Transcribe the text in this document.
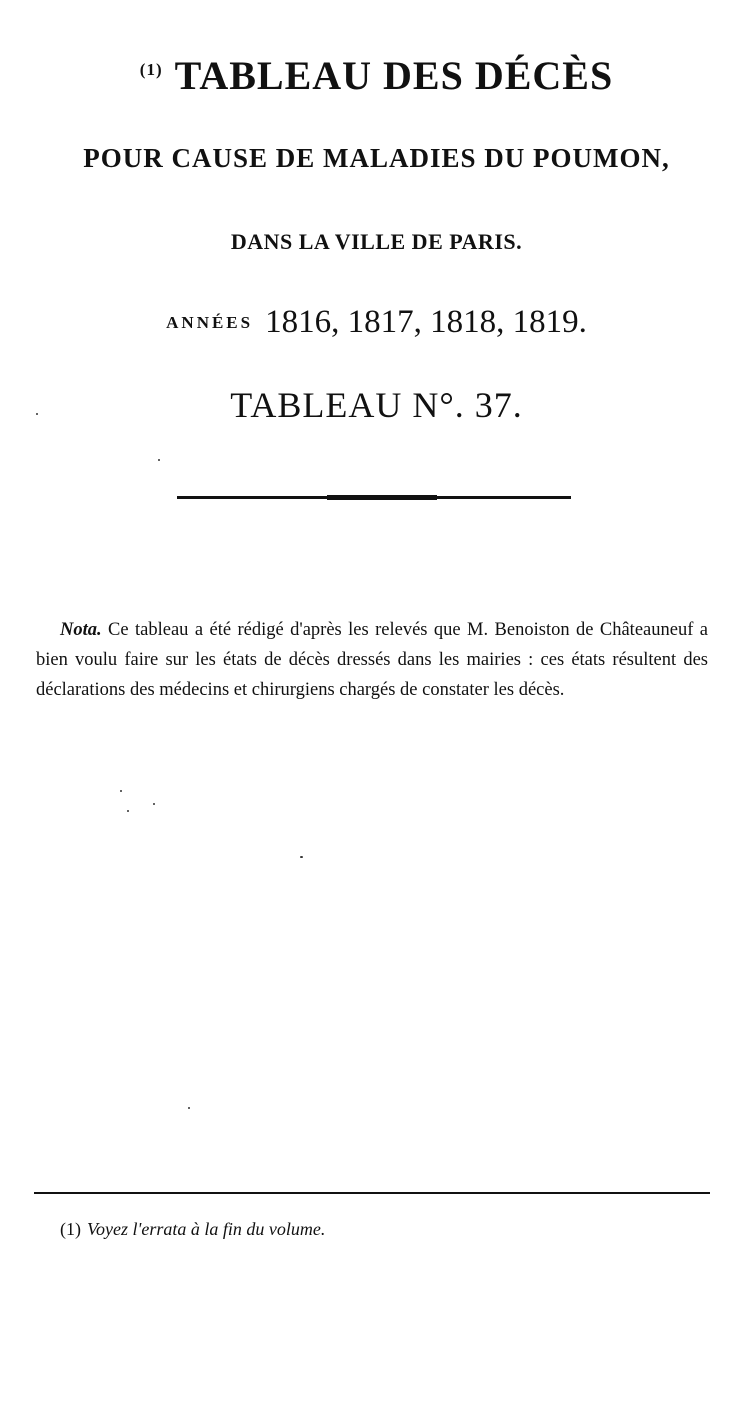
$^{(1)}$ TABLEAU DES DÉCÈS
POUR CAUSE DE MALADIES DU POUMON,
DANS LA VILLE DE PARIS.
ANNÉES 1816, 1817, 1818, 1819.
TABLEAU N°. 37.
Nota. Ce tableau a été rédigé d'après les relevés que M. Benoiston de Châteauneuf a bien voulu faire sur les états de décès dressés dans les mairies : ces états résultent des déclarations des médecins et chirurgiens chargés de constater les décès.
(1) Voyez l'errata à la fin du volume.
